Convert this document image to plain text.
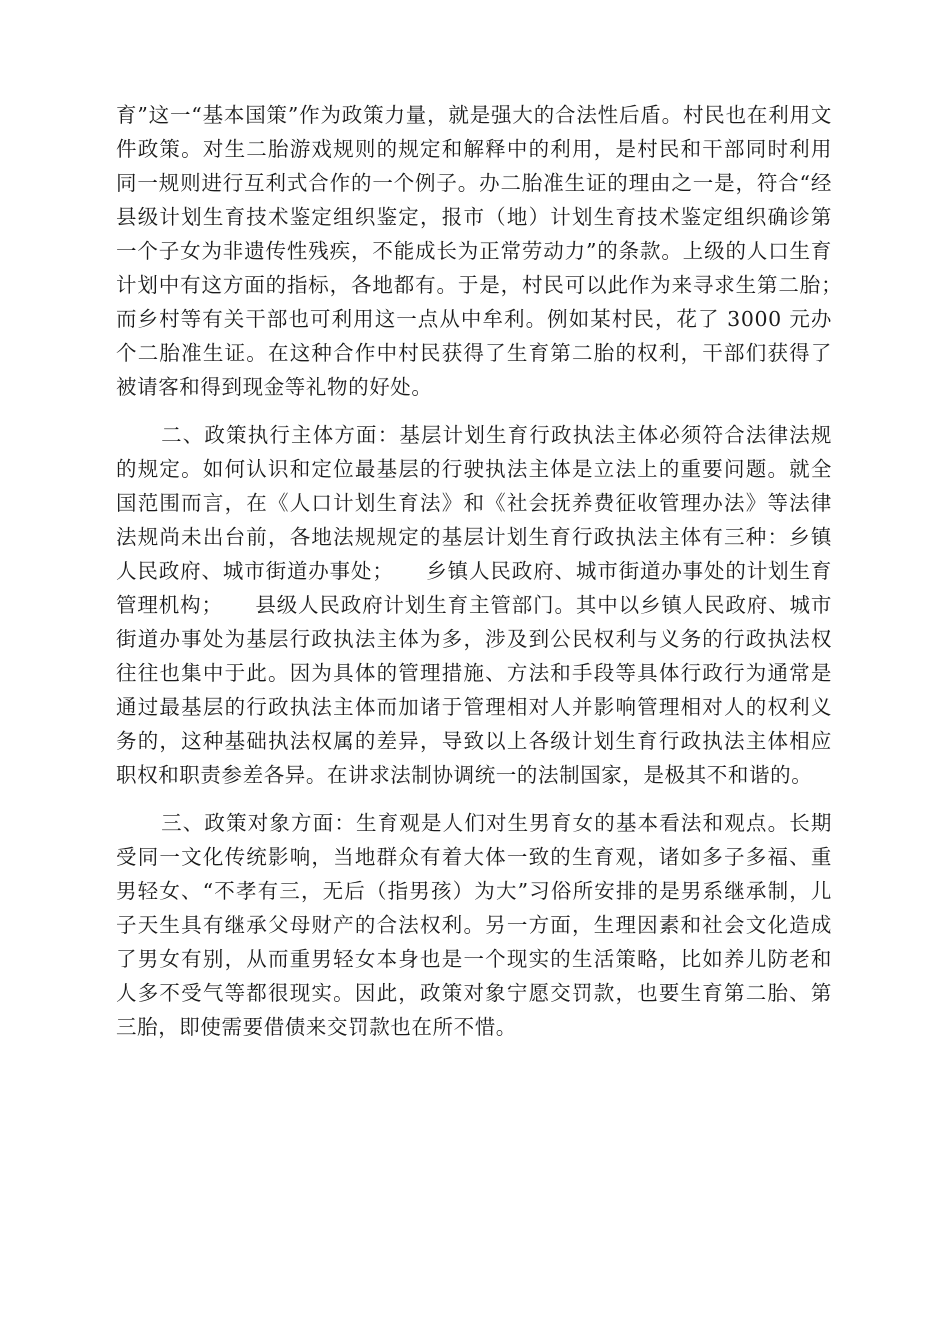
育”这一“基本国策”作为政策力量，就是强大的合法性后盾。村民也在利用文件政策。对生二胎游戏规则的规定和解释中的利用，是村民和干部同时利用同一规则进行互利式合作的一个例子。办二胎准生证的理由之一是，符合“经县级计划生育技术鉴定组织鉴定，报市（地）计划生育技术鉴定组织确诊第一个子女为非遗传性残疾，不能成长为正常劳动力”的条款。上级的人口生育计划中有这方面的指标，各地都有。于是，村民可以此作为来寻求生第二胎；　　而乡村等有关干部也可利用这一点从中牟利。例如某村民，花了 3000 元办个二胎准生证。在这种合作中村民获得了生育第二胎的权利，干部们获得了被请客和得到现金等礼物的好处。

二、政策执行主体方面：基层计划生育行政执法主体必须符合法律法规的规定。如何认识和定位最基层的行驶执法主体是立法上的重要问题。就全国范围而言，在《人口计划生育法》和《社会抚养费征收管理办法》等法律法规尚未出台前，各地法规规定的基层计划生育行政执法主体有三种：乡镇人民政府、城市街道办事处；　　乡镇人民政府、城市街道办事处的计划生育管理机构；　　县级人民政府计划生育主管部门。其中以乡镇人民政府、城市街道办事处为基层行政执法主体为多，涉及到公民权利与义务的行政执法权往往也集中于此。因为具体的管理措施、方法和手段等具体行政行为通常是通过最基层的行政执法主体而加诸于管理相对人并影响管理相对人的权利义务的，这种基础执法权属的差异，导致以上各级计划生育行政执法主体相应职权和职责参差各异。在讲求法制协调统一的法制国家，是极其不和谐的。

三、政策对象方面：生育观是人们对生男育女的基本看法和观点。长期受同一文化传统影响，当地群众有着大体一致的生育观，诸如多子多福、重男轻女、“不孝有三，无后（指男孩）为大”习俗所安排的是男系继承制，儿子天生具有继承父母财产的合法权利。另一方面，生理因素和社会文化造成了男女有别，从而重男轻女本身也是一个现实的生活策略，比如养儿防老和人多不受气等都很现实。因此，政策对象宁愿交罚款，也要生育第二胎、第三胎，即使需要借债来交罚款也在所不惜。
